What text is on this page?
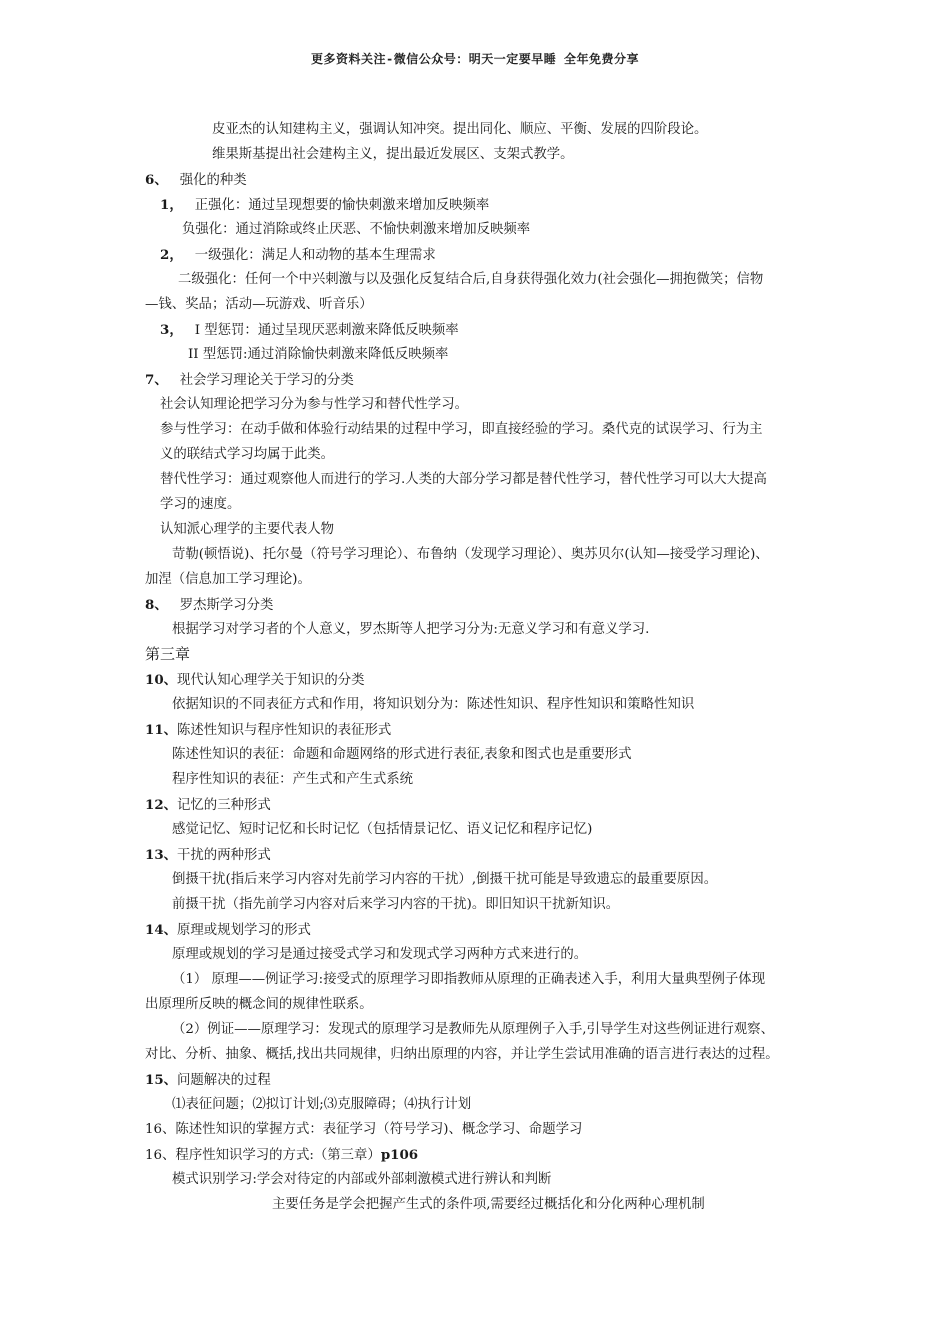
更多资料关注-微信公众号：明天一定要早睡 全年免费分享
皮亚杰的认知建构主义，强调认知冲突。提出同化、顺应、平衡、发展的四阶段论。
维果斯基提出社会建构主义，提出最近发展区、支架式教学。
6、 强化的种类
1， 正强化：通过呈现想要的愉快刺激来增加反映频率
负强化：通过消除或终止厌恶、不愉快刺激来增加反映频率
2， 一级强化：满足人和动物的基本生理需求
二级强化：任何一个中兴刺激与以及强化反复结合后,自身获得强化效力(社会强化—拥抱微笑；信物
—钱、奖品；活动—玩游戏、听音乐）
3， I 型惩罚：通过呈现厌恶刺激来降低反映频率
II 型惩罚:通过消除愉快刺激来降低反映频率
7、 社会学习理论关于学习的分类
社会认知理论把学习分为参与性学习和替代性学习。
参与性学习：在动手做和体验行动结果的过程中学习，即直接经验的学习。桑代克的试误学习、行为主
义的联结式学习均属于此类。
替代性学习：通过观察他人而进行的学习.人类的大部分学习都是替代性学习，替代性学习可以大大提高
学习的速度。
认知派心理学的主要代表人物
苛勒(顿悟说)、托尔曼（符号学习理论）、布鲁纳（发现学习理论）、奥苏贝尔(认知—接受学习理论)、
加涅（信息加工学习理论)。
8、 罗杰斯学习分类
根据学习对学习者的个人意义，罗杰斯等人把学习分为:无意义学习和有意义学习.
第三章
10、现代认知心理学关于知识的分类
依据知识的不同表征方式和作用，将知识划分为：陈述性知识、程序性知识和策略性知识
11、陈述性知识与程序性知识的表征形式
陈述性知识的表征：命题和命题网络的形式进行表征,表象和图式也是重要形式
程序性知识的表征：产生式和产生式系统
12、记忆的三种形式
感觉记忆、短时记忆和长时记忆（包括情景记忆、语义记忆和程序记忆)
13、干扰的两种形式
倒摄干扰(指后来学习内容对先前学习内容的干扰）,倒摄干扰可能是导致遗忘的最重要原因。
前摄干扰（指先前学习内容对后来学习内容的干扰)。即旧知识干扰新知识。
14、原理或规划学习的形式
原理或规划的学习是通过接受式学习和发现式学习两种方式来进行的。
（1） 原理——例证学习:接受式的原理学习即指教师从原理的正确表述入手，利用大量典型例子体现
出原理所反映的概念间的规律性联系。
（2）例证——原理学习：发现式的原理学习是教师先从原理例子入手,引导学生对这些例证进行观察、
对比、分析、抽象、概括,找出共同规律，归纳出原理的内容，并让学生尝试用准确的语言进行表达的过程。
15、问题解决的过程
⑴表征问题；⑵拟订计划;⑶克服障碍；⑷执行计划
16、陈述性知识的掌握方式：表征学习（符号学习)、概念学习、命题学习
16、程序性知识学习的方式:（第三章）p106
模式识别学习:学会对待定的内部或外部刺激模式进行辨认和判断
主要任务是学会把握产生式的条件项,需要经过概括化和分化两种心理机制
